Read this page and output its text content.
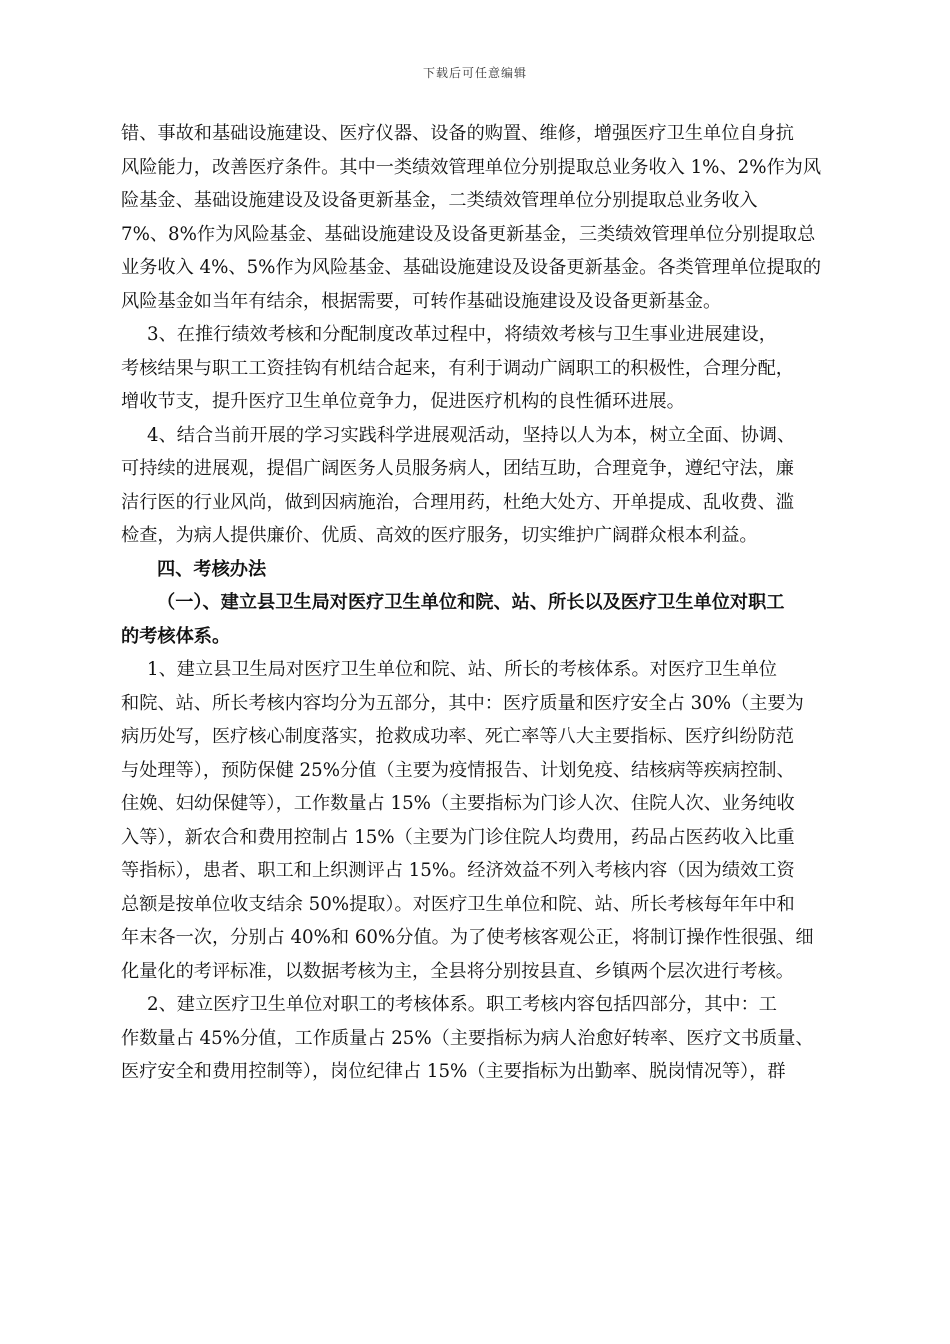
下载后可任意编辑
错、事故和基础设施建设、医疗仪器、设备的购置、维修，增强医疗卫生单位自身抗
风险能力，改善医疗条件。其中一类绩效管理单位分别提取总业务收入 1%、2%作为风
险基金、基础设施建设及设备更新基金，二类绩效管理单位分别提取总业务收入
7%、8%作为风险基金、基础设施建设及设备更新基金，三类绩效管理单位分别提取总
业务收入 4%、5%作为风险基金、基础设施建设及设备更新基金。各类管理单位提取的
风险基金如当年有结余，根据需要，可转作基础设施建设及设备更新基金。
3、在推行绩效考核和分配制度改革过程中，将绩效考核与卫生事业进展建设，
考核结果与职工工资挂钩有机结合起来，有利于调动广阔职工的积极性，合理分配，
增收节支，提升医疗卫生单位竟争力，促进医疗机构的良性循环进展。
4、结合当前开展的学习实践科学进展观活动，坚持以人为本，树立全面、协调、
可持续的进展观，提倡广阔医务人员服务病人，团结互助，合理竟争，遵纪守法，廉
洁行医的行业风尚，做到因病施治，合理用药，杜绝大处方、开单提成、乱收费、滥
检查，为病人提供廉价、优质、高效的医疗服务，切实维护广阔群众根本利益。
四、考核办法
（一）、建立县卫生局对医疗卫生单位和院、站、所长以及医疗卫生单位对职工
的考核体系。
1、建立县卫生局对医疗卫生单位和院、站、所长的考核体系。对医疗卫生单位
和院、站、所长考核内容均分为五部分，其中：医疗质量和医疗安全占 30%（主要为
病历处写，医疗核心制度落实，抢救成功率、死亡率等八大主要指标、医疗纠纷防范
与处理等），预防保健 25%分值（主要为疫情报告、计划免疫、结核病等疾病控制、
住娩、妇幼保健等），工作数量占 15%（主要指标为门诊人次、住院人次、业务纯收
入等），新农合和费用控制占 15%（主要为门诊住院人均费用，药品占医药收入比重
等指标），患者、职工和上织测评占 15%。经济效益不列入考核内容（因为绩效工资
总额是按单位收支结余 50%提取）。对医疗卫生单位和院、站、所长考核每年年中和
年末各一次，分别占 40%和 60%分值。为了使考核客观公正，将制订操作性很强、细
化量化的考评标准，以数据考核为主，全县将分别按县直、乡镇两个层次进行考核。
2、建立医疗卫生单位对职工的考核体系。职工考核内容包括四部分，其中：工
作数量占 45%分值，工作质量占 25%（主要指标为病人治愈好转率、医疗文书质量、
医疗安全和费用控制等），岗位纪律占 15%（主要指标为出勤率、脱岗情况等），群
